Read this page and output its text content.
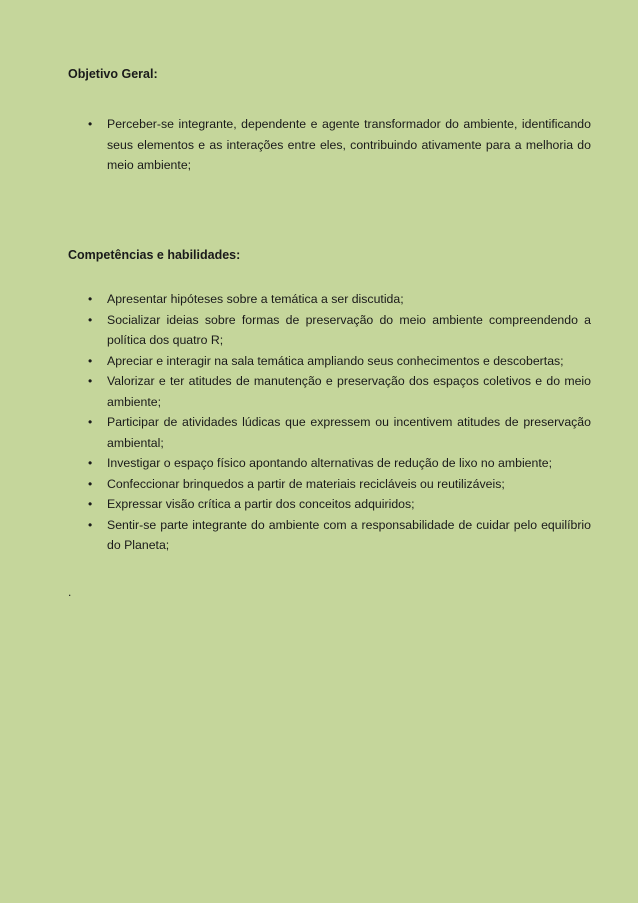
Objetivo Geral:
•	Perceber-se integrante, dependente e agente transformador do ambiente, identificando seus elementos e as interações entre eles, contribuindo ativamente para a melhoria do meio ambiente;
Competências e habilidades:
•	Apresentar hipóteses sobre a temática a ser discutida;
•	Socializar ideias sobre formas de preservação do meio ambiente compreendendo a política dos quatro R;
•	Apreciar e interagir na sala temática ampliando seus conhecimentos e descobertas;
•	Valorizar e ter atitudes de manutenção e preservação dos espaços coletivos e do meio ambiente;
•	Participar de atividades lúdicas que expressem ou incentivem atitudes de preservação ambiental;
•	Investigar o espaço físico apontando alternativas de redução de lixo no ambiente;
•	Confeccionar brinquedos a partir de materiais recicláveis ou reutilizáveis;
•	Expressar visão crítica a partir dos conceitos adquiridos;
•	Sentir-se parte integrante do ambiente com a responsabilidade de cuidar pelo equilíbrio do Planeta;
.
